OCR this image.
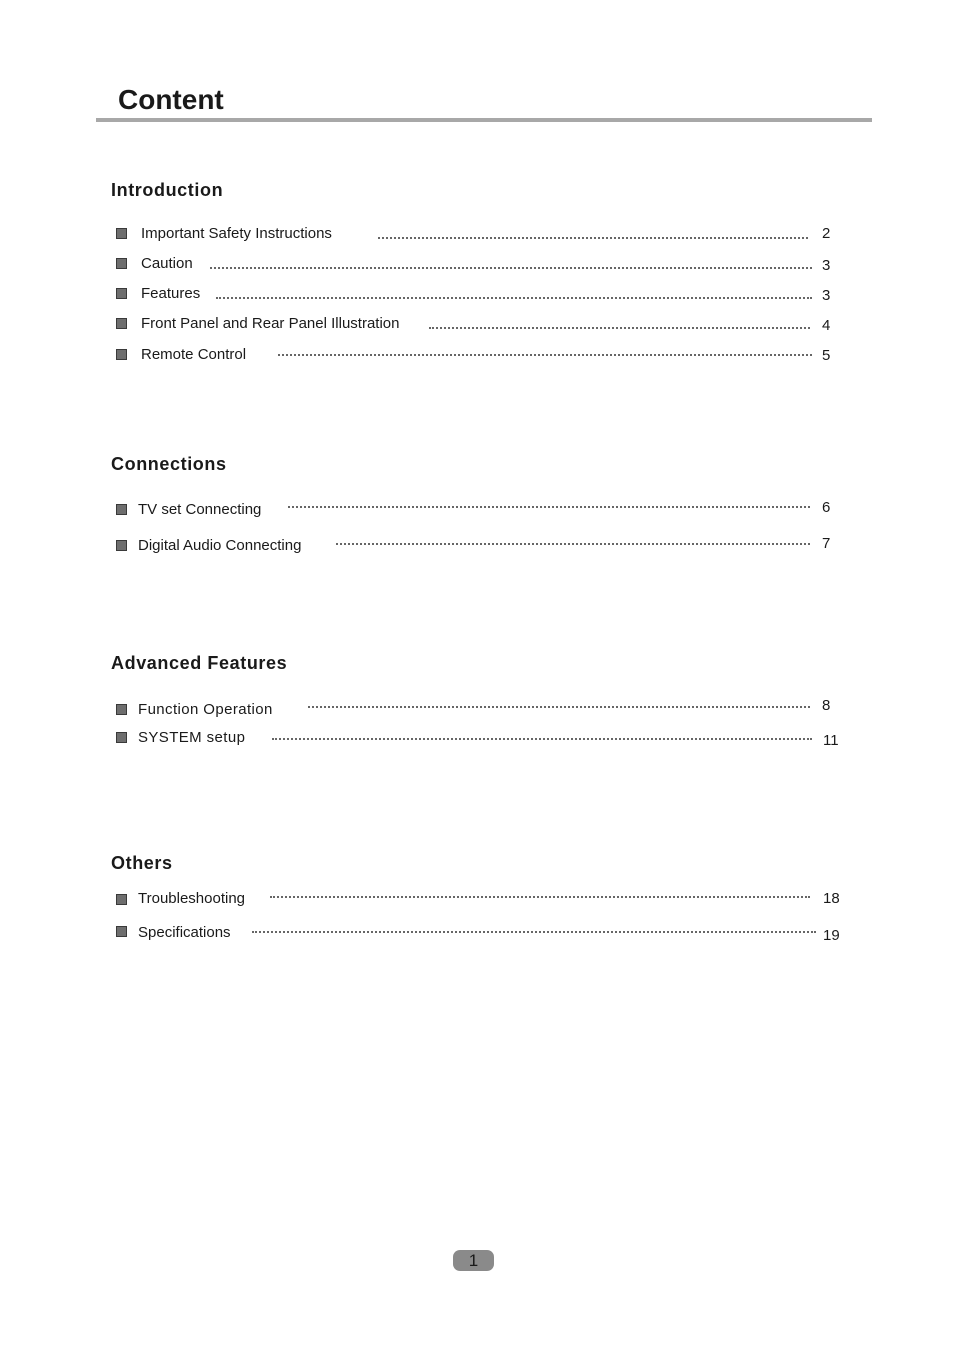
Content
Introduction
Important Safety Instructions	2
Caution	3
Features	3
Front Panel and Rear Panel Illustration	4
Remote Control	5
Connections
TV set Connecting	6
Digital Audio Connecting	7
Advanced Features
Function Operation	8
SYSTEM setup	11
Others
Troubleshooting	18
Specifications	19
1
